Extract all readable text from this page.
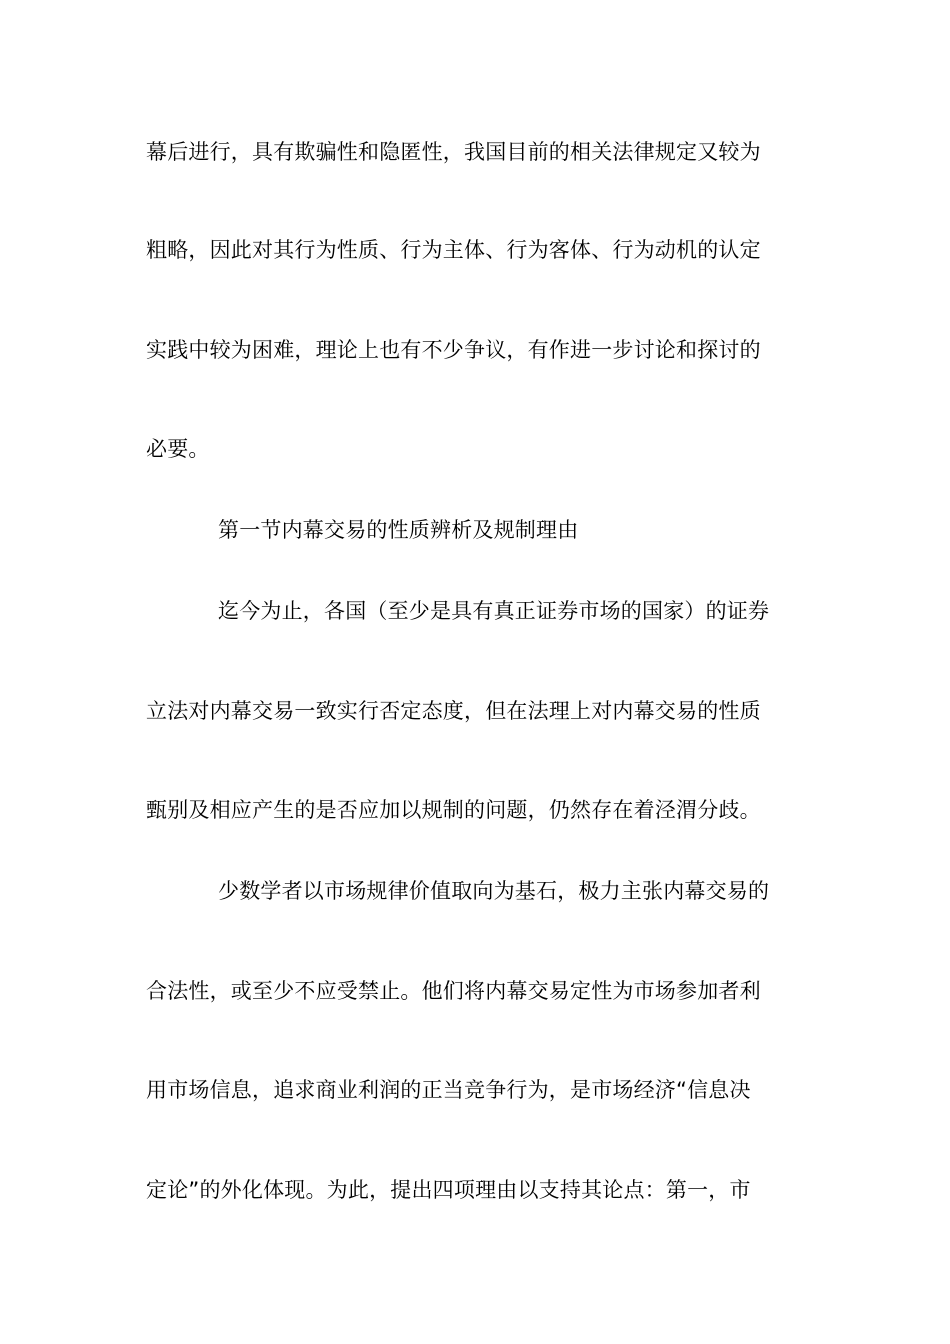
幕后进行，具有欺骗性和隐匿性，我国目前的相关法律规定又较为
粗略，因此对其行为性质、行为主体、行为客体、行为动机的认定
实践中较为困难，理论上也有不少争议，有作进一步讨论和探讨的
必要。
第一节内幕交易的性质辨析及规制理由
迄今为止，各国（至少是具有真正证券市场的国家）的证券
立法对内幕交易一致实行否定态度，但在法理上对内幕交易的性质
甄别及相应产生的是否应加以规制的问题，仍然存在着泾渭分歧。
少数学者以市场规律价值取向为基石，极力主张内幕交易的
合法性，或至少不应受禁止。他们将内幕交易定性为市场参加者利
用市场信息，追求商业利润的正当竞争行为，是市场经济“信息决
定论”的外化体现。为此，提出四项理由以支持其论点：第一，市
